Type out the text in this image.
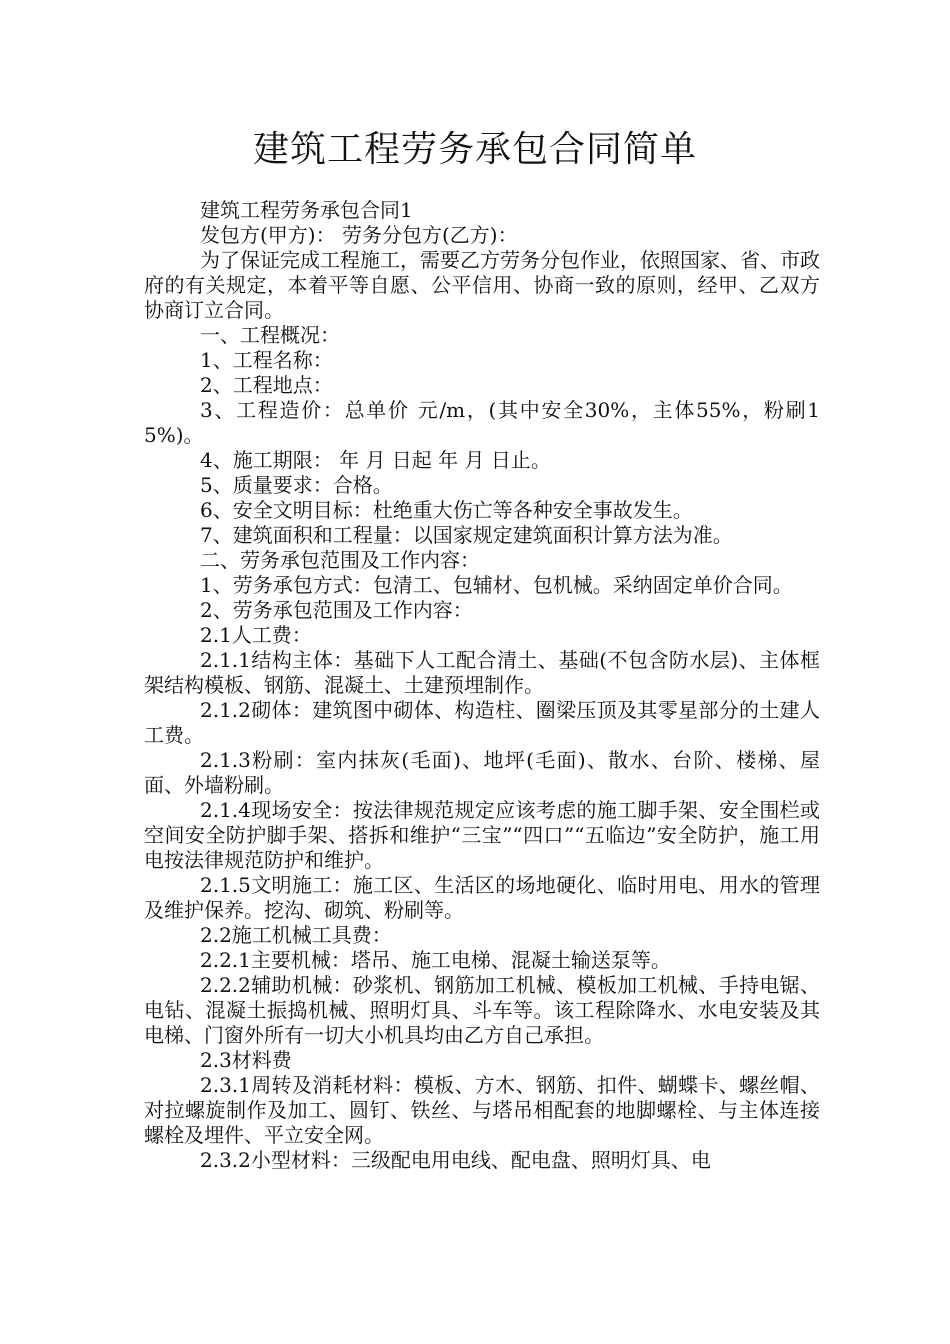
建筑工程劳务承包合同简单

建筑工程劳务承包合同1

发包方(甲方)： 劳务分包方(乙方)：

为了保证完成工程施工，需要乙方劳务分包作业，依照国家、省、市政府的有关规定，本着平等自愿、公平信用、协商一致的原则，经甲、乙双方协商订立合同。

一、工程概况：

1、工程名称：

2、工程地点：

3、工程造价：总单价 元/m，(其中安全30%，主体55%，粉刷15%)。

4、施工期限： 年 月 日起 年 月 日止。

5、质量要求：合格。

6、安全文明目标：杜绝重大伤亡等各种安全事故发生。

7、建筑面积和工程量：以国家规定建筑面积计算方法为准。

二、劳务承包范围及工作内容：

1、劳务承包方式：包清工、包辅材、包机械。采纳固定单价合同。

2、劳务承包范围及工作内容：

2.1人工费：

2.1.1结构主体：基础下人工配合清土、基础(不包含防水层)、主体框架结构模板、钢筋、混凝土、土建预埋制作。

2.1.2砌体：建筑图中砌体、构造柱、圈梁压顶及其零星部分的土建人工费。

2.1.3粉刷：室内抹灰(毛面)、地坪(毛面)、散水、台阶、楼梯、屋面、外墙粉刷。

2.1.4现场安全：按法律规范规定应该考虑的施工脚手架、安全围栏或空间安全防护脚手架、搭拆和维护“三宝”“四口”“五临边”安全防护，施工用电按法律规范防护和维护。

2.1.5文明施工：施工区、生活区的场地硬化、临时用电、用水的管理及维护保养。挖沟、砌筑、粉刷等。

2.2施工机械工具费：

2.2.1主要机械：塔吊、施工电梯、混凝土输送泵等。

2.2.2辅助机械：砂浆机、钢筋加工机械、模板加工机械、手持电锯、电钻、混凝土振捣机械、照明灯具、斗车等。该工程除降水、水电安装及其电梯、门窗外所有一切大小机具均由乙方自己承担。

2.3材料费

2.3.1周转及消耗材料：模板、方木、钢筋、扣件、蝴蝶卡、螺丝帽、对拉螺旋制作及加工、圆钉、铁丝、与塔吊相配套的地脚螺栓、与主体连接螺栓及埋件、平立安全网。

2.3.2小型材料：三级配电用电线、配电盘、照明灯具、电
